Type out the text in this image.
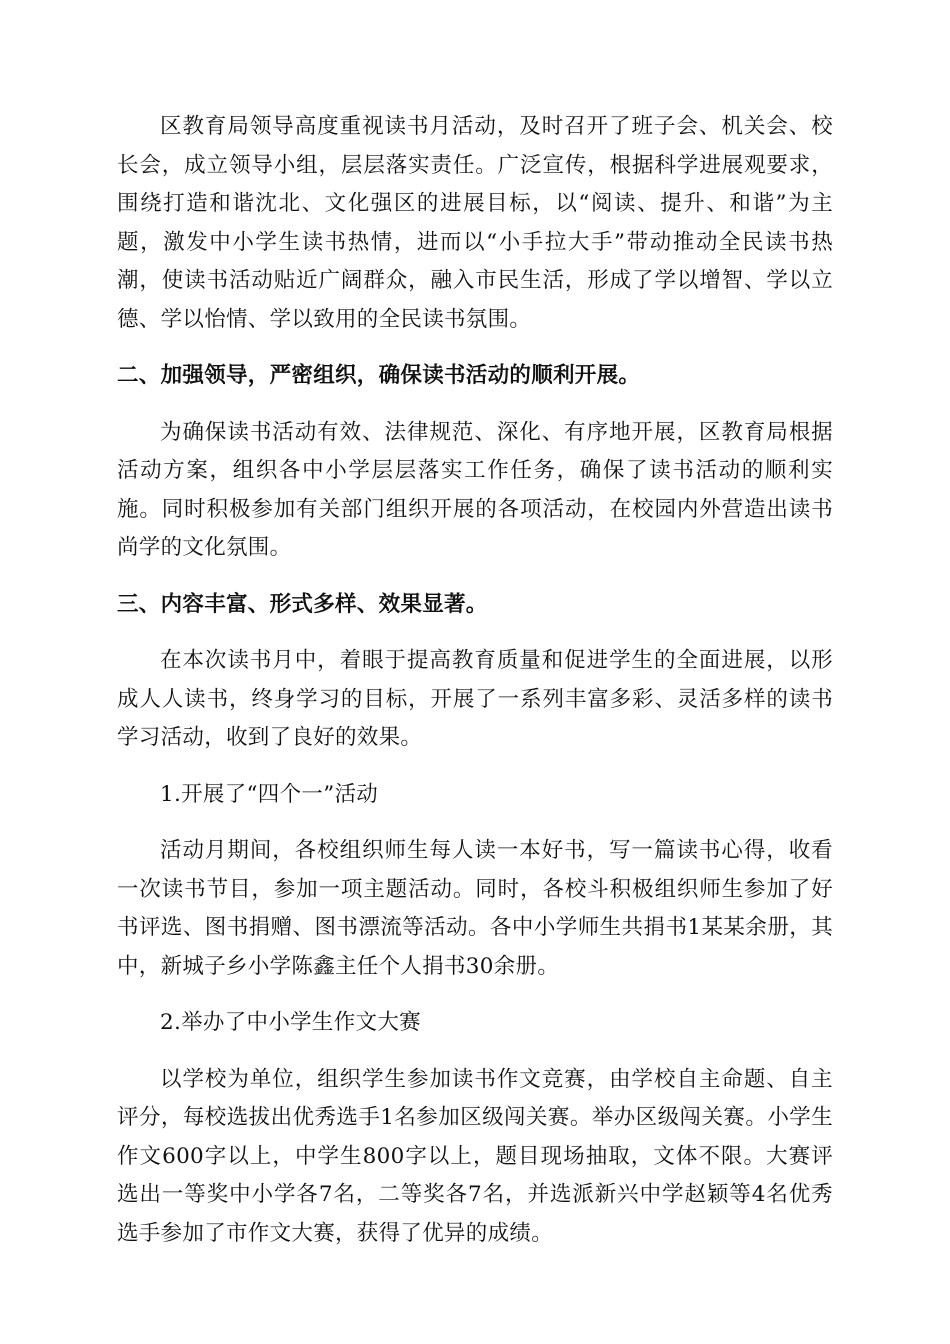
区教育局领导高度重视读书月活动，及时召开了班子会、机关会、校长会，成立领导小组，层层落实责任。广泛宣传，根据科学进展观要求，围绕打造和谐沈北、文化强区的进展目标，以“阅读、提升、和谐”为主题，激发中小学生读书热情，进而以“小手拉大手”带动推动全民读书热潮，使读书活动贴近广阔群众，融入市民生活，形成了学以增智、学以立德、学以怡情、学以致用的全民读书氛围。

二、加强领导，严密组织，确保读书活动的顺利开展。

为确保读书活动有效、法律规范、深化、有序地开展，区教育局根据活动方案，组织各中小学层层落实工作任务，确保了读书活动的顺利实施。同时积极参加有关部门组织开展的各项活动，在校园内外营造出读书尚学的文化氛围。

三、内容丰富、形式多样、效果显著。

在本次读书月中，着眼于提高教育质量和促进学生的全面进展，以形成人人读书，终身学习的目标，开展了一系列丰富多彩、灵活多样的读书学习活动，收到了良好的效果。

1.开展了“四个一”活动

活动月期间，各校组织师生每人读一本好书，写一篇读书心得，收看一次读书节目，参加一项主题活动。同时，各校斗积极组织师生参加了好书评选、图书捐赠、图书漂流等活动。各中小学师生共捐书1某某余册，其中，新城子乡小学陈鑫主任个人捐书30余册。

2.举办了中小学生作文大赛

以学校为单位，组织学生参加读书作文竞赛，由学校自主命题、自主评分，每校选拔出优秀选手1名参加区级闯关赛。举办区级闯关赛。小学生作文600字以上，中学生800字以上，题目现场抽取，文体不限。大赛评选出一等奖中小学各7名，二等奖各7名，并选派新兴中学赵颖等4名优秀选手参加了市作文大赛，获得了优异的成绩。
